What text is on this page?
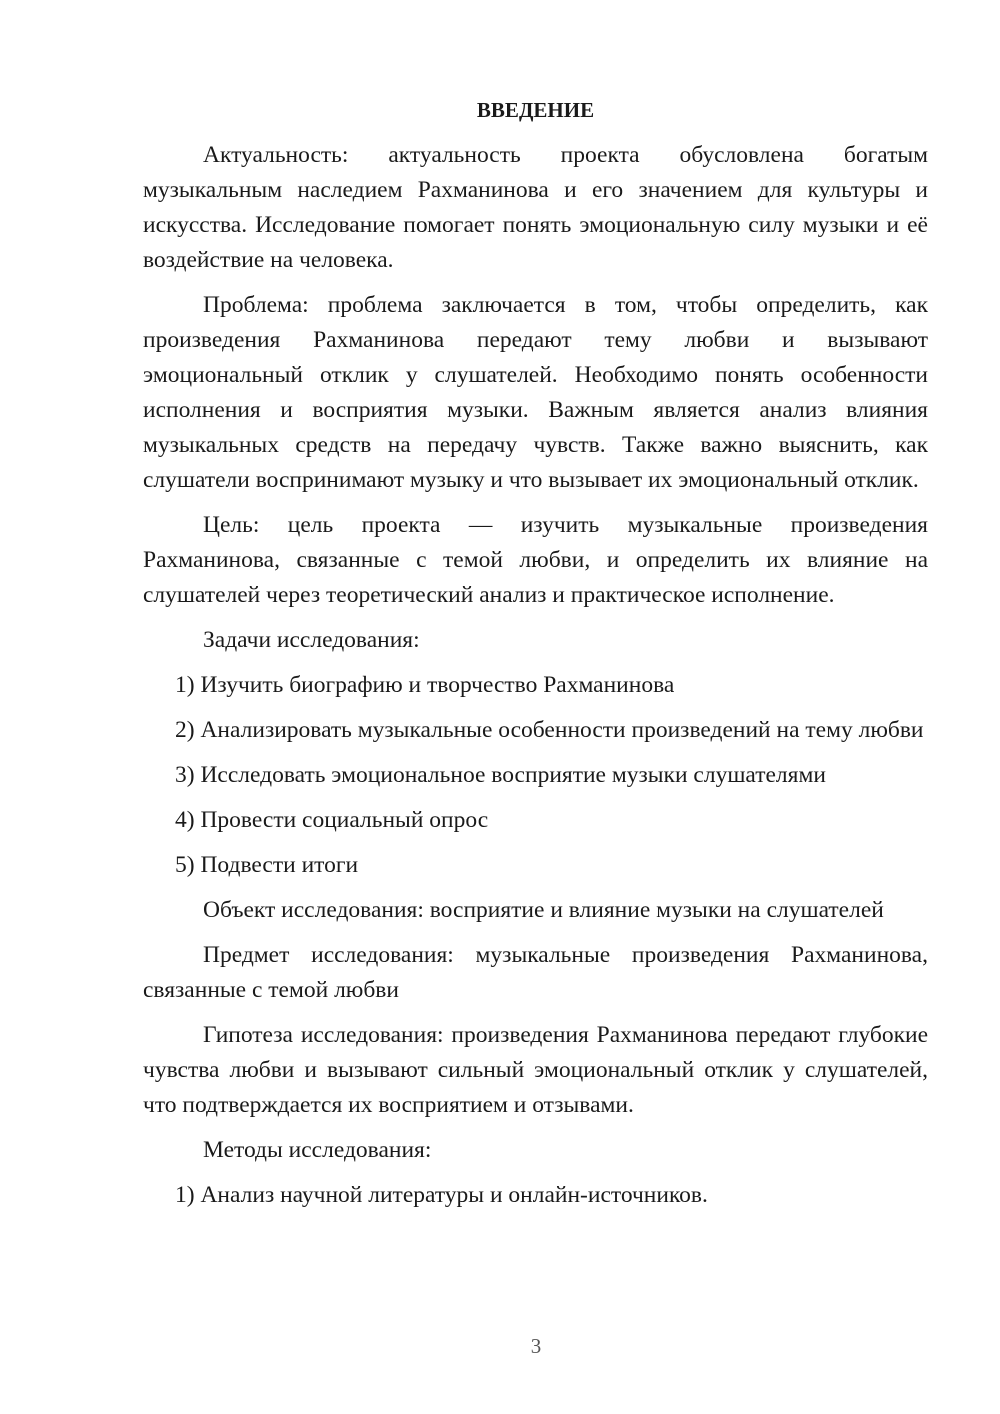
ВВЕДЕНИЕ

Актуальность: актуальность проекта обусловлена богатым музыкальным наследием Рахманинова и его значением для культуры и искусства. Исследование помогает понять эмоциональную силу музыки и её воздействие на человека.

Проблема: проблема заключается в том, чтобы определить, как произведения Рахманинова передают тему любви и вызывают эмоциональный отклик у слушателей. Необходимо понять особенности исполнения и восприятия музыки. Важным является анализ влияния музыкальных средств на передачу чувств. Также важно выяснить, как слушатели воспринимают музыку и что вызывает их эмоциональный отклик.

Цель: цель проекта — изучить музыкальные произведения Рахманинова, связанные с темой любви, и определить их влияние на слушателей через теоретический анализ и практическое исполнение.

Задачи исследования:

1) Изучить биографию и творчество Рахманинова

2) Анализировать музыкальные особенности произведений на тему любви

3) Исследовать эмоциональное восприятие музыки слушателями

4) Провести социальный опрос

5) Подвести итоги

Объект исследования: восприятие и влияние музыки на слушателей

Предмет исследования: музыкальные произведения Рахманинова, связанные с темой любви

Гипотеза исследования: произведения Рахманинова передают глубокие чувства любви и вызывают сильный эмоциональный отклик у слушателей, что подтверждается их восприятием и отзывами.

Методы исследования:

1) Анализ научной литературы и онлайн-источников.

3
